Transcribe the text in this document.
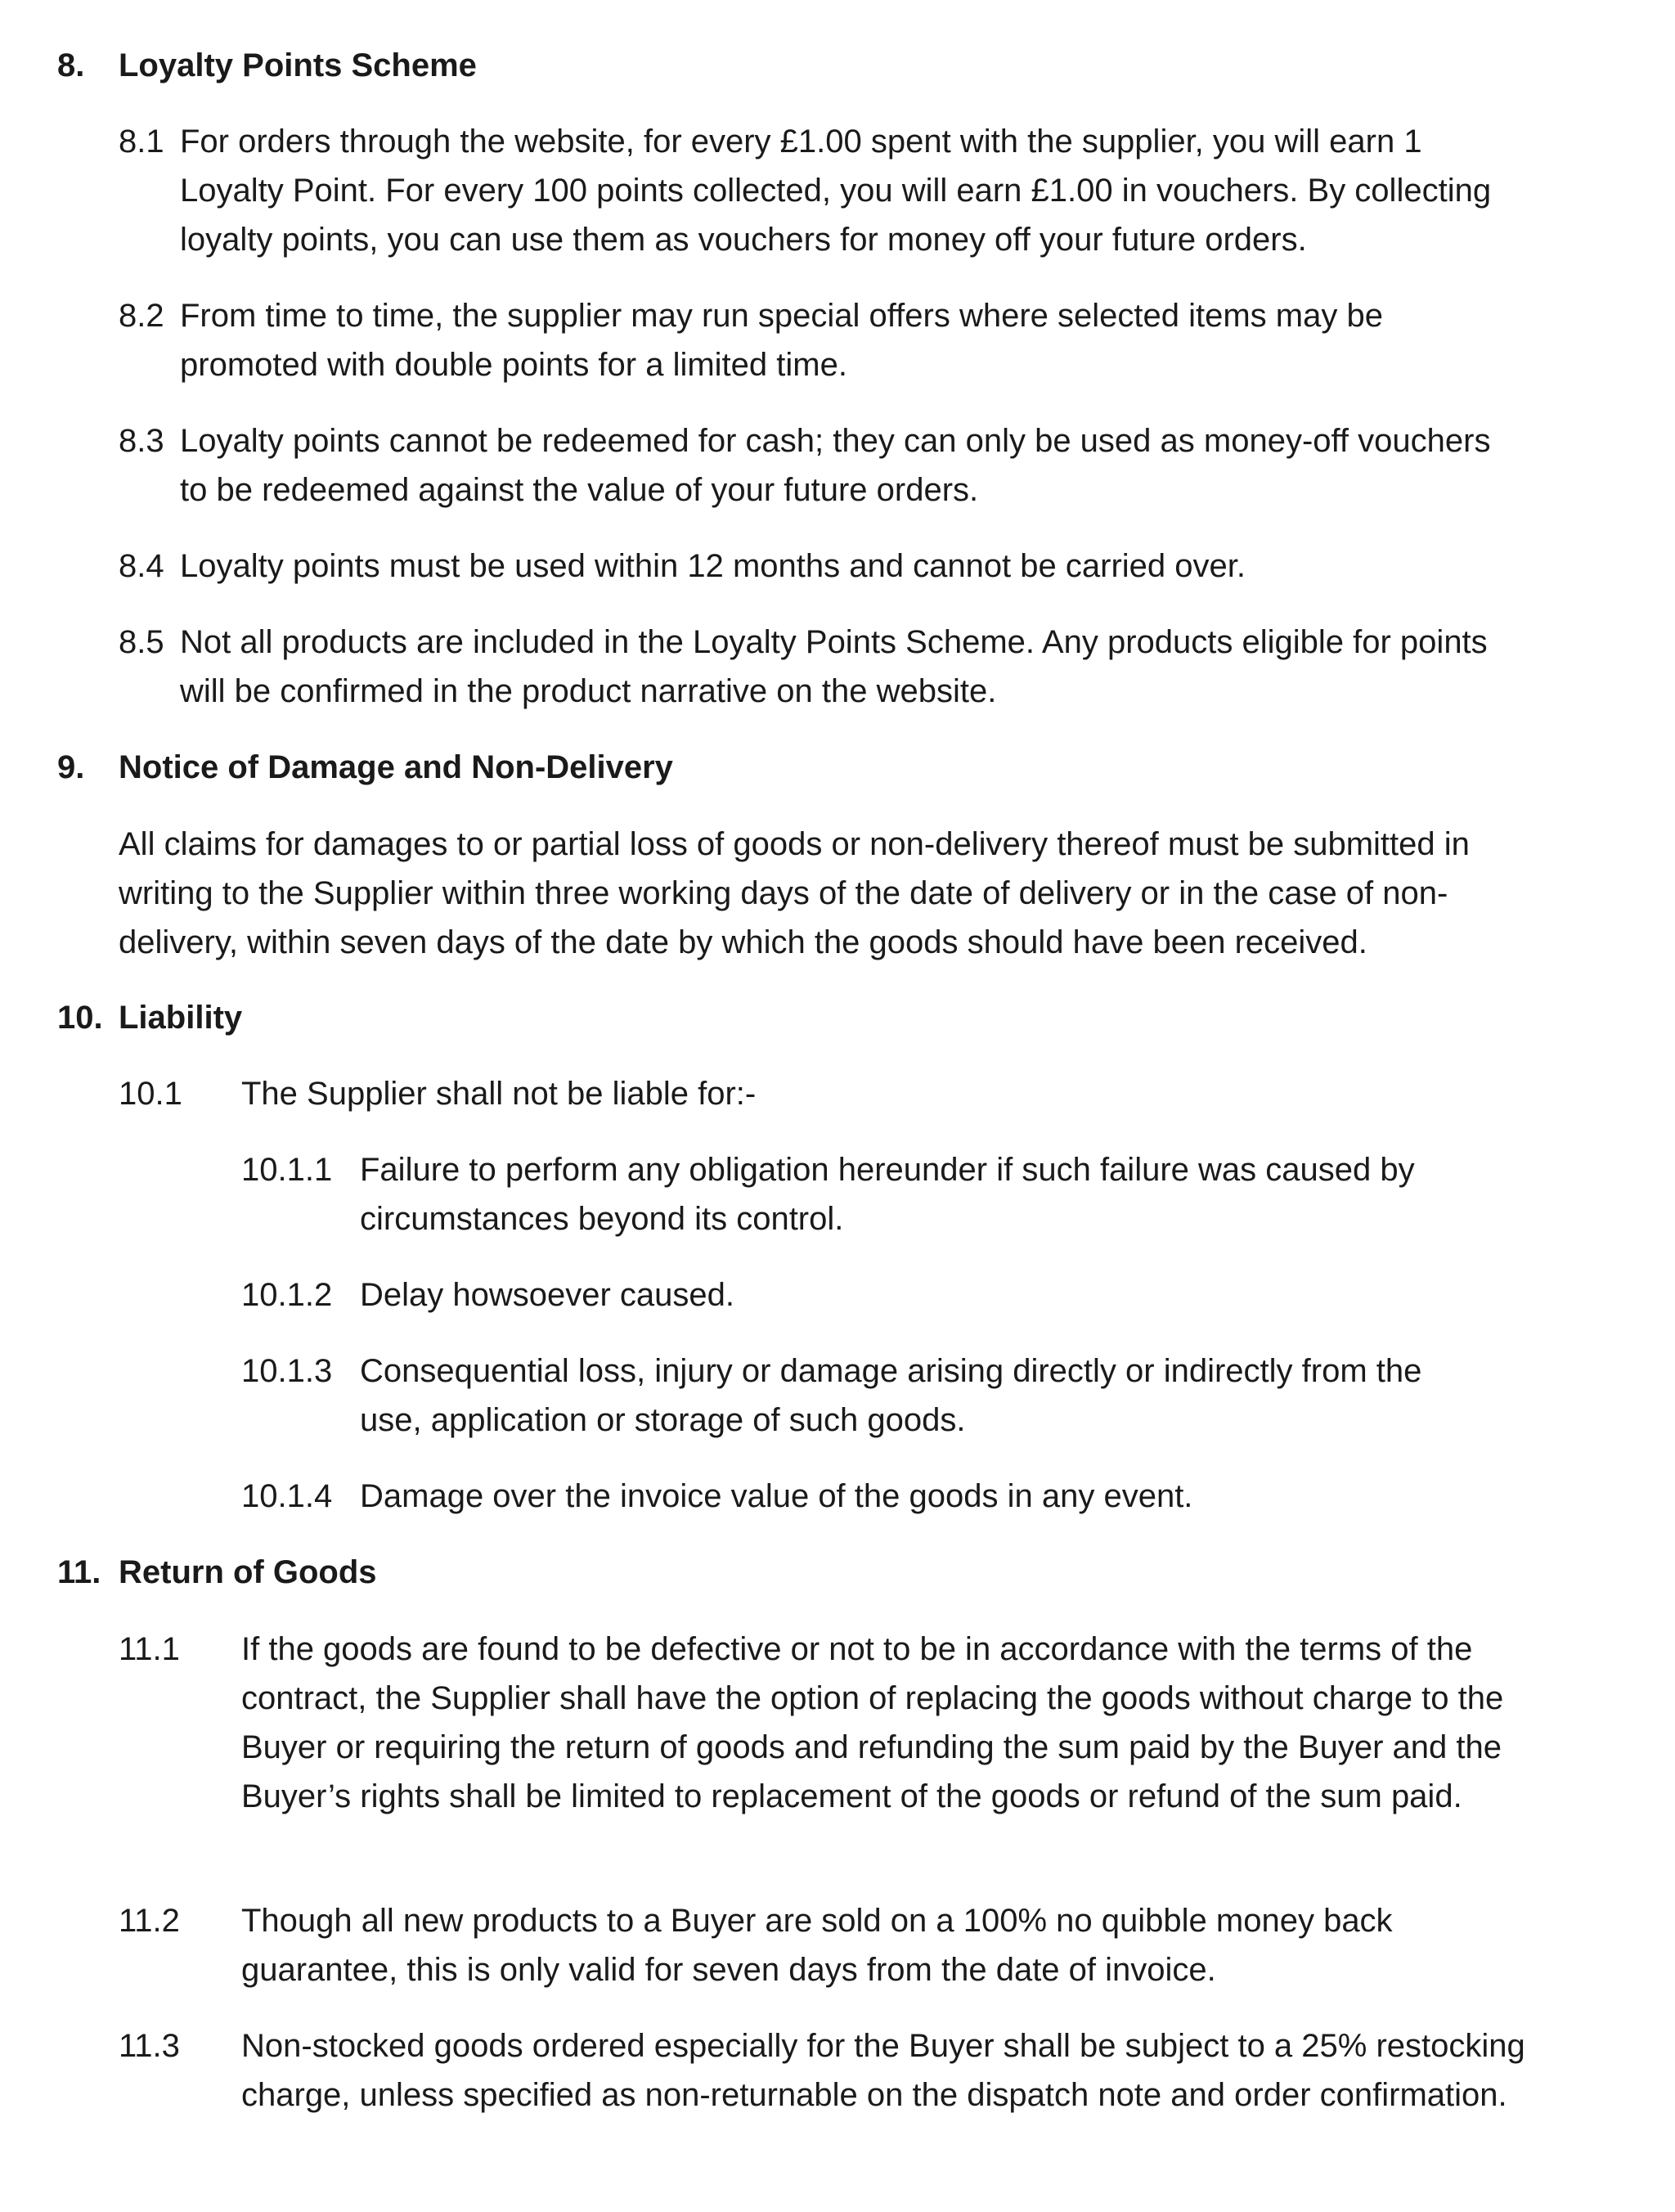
8. Loyalty Points Scheme
8.1 For orders through the website, for every £1.00 spent with the supplier, you will earn 1 Loyalty Point. For every 100 points collected, you will earn £1.00 in vouchers. By collecting loyalty points, you can use them as vouchers for money off your future orders.
8.2 From time to time, the supplier may run special offers where selected items may be promoted with double points for a limited time.
8.3 Loyalty points cannot be redeemed for cash; they can only be used as money-off vouchers to be redeemed against the value of your future orders.
8.4 Loyalty points must be used within 12 months and cannot be carried over.
8.5 Not all products are included in the Loyalty Points Scheme. Any products eligible for points will be confirmed in the product narrative on the website.
9. Notice of Damage and Non-Delivery
All claims for damages to or partial loss of goods or non-delivery thereof must be submitted in writing to the Supplier within three working days of the date of delivery or in the case of non-delivery, within seven days of the date by which the goods should have been received.
10. Liability
10.1	The Supplier shall not be liable for:-
10.1.1 Failure to perform any obligation hereunder if such failure was caused by circumstances beyond its control.
10.1.2 Delay howsoever caused.
10.1.3 Consequential loss, injury or damage arising directly or indirectly from the use, application or storage of such goods.
10.1.4 Damage over the invoice value of the goods in any event.
11. Return of Goods
11.1	If the goods are found to be defective or not to be in accordance with the terms of the contract, the Supplier shall have the option of replacing the goods without charge to the Buyer or requiring the return of goods and refunding the sum paid by the Buyer and the Buyer’s rights shall be limited to replacement of the goods or refund of the sum paid.
11.2	Though all new products to a Buyer are sold on a 100% no quibble money back guarantee, this is only valid for seven days from the date of invoice.
11.3	Non-stocked goods ordered especially for the Buyer shall be subject to a 25% restocking charge, unless specified as non-returnable on the dispatch note and order confirmation.
